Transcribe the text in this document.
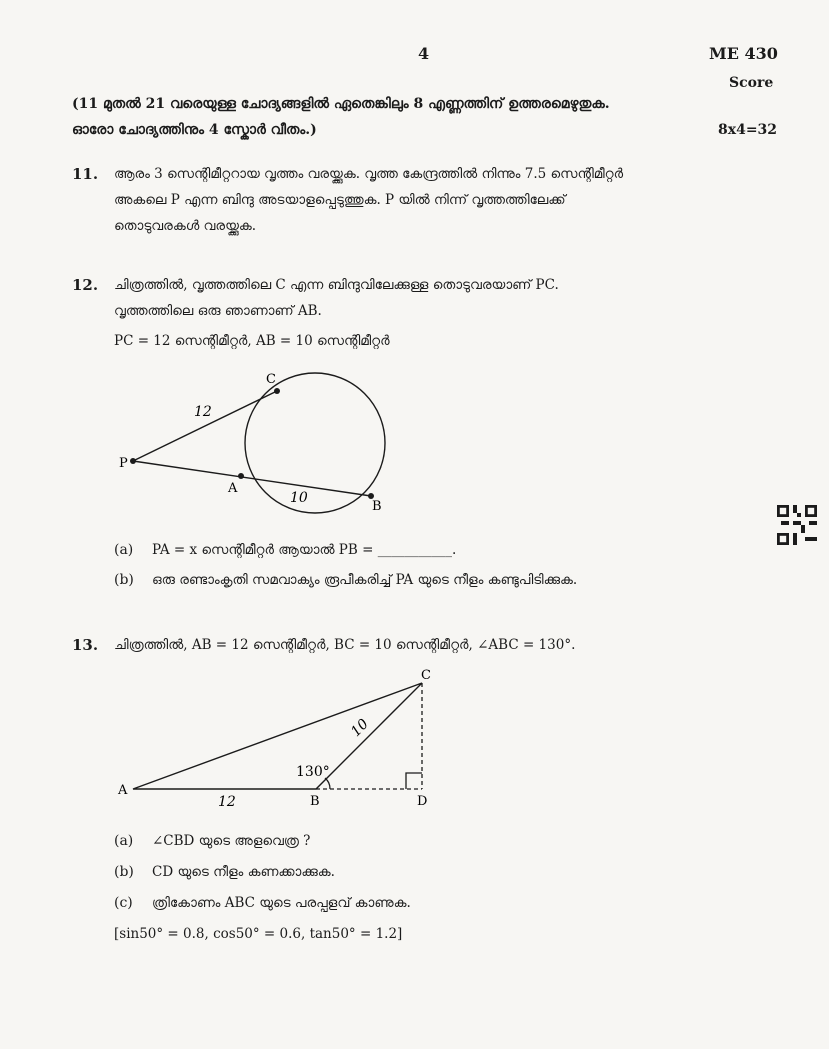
4	ME 430
Score
(11 മുതൽ 21 വരെയുള്ള ചോദ്യങ്ങളിൽ ഏതെങ്കിലും 8 എണ്ണത്തിന് ഉത്തരമെഴുതുക.
ഓരോ ചോദ്യത്തിനും 4 സ്കോർ വീതം.)	8x4=32
11. ആരം 3 സെന്റിമീറ്ററായ വൃത്തം വരയ്ക്കുക. വൃത്ത കേന്ദ്രത്തിൽ നിന്നും 7.5 സെന്റിമീറ്റർ
അകലെ P എന്ന ബിന്ദു അടയാളപ്പെടുത്തുക. P യിൽ നിന്ന് വൃത്തത്തിലേക്ക്
തൊടുവരകൾ വരയ്ക്കുക.
12. ചിത്രത്തിൽ, വൃത്തത്തിലെ C എന്ന ബിന്ദുവിലേക്കുള്ള തൊടുവരയാണ് PC.
വൃത്തത്തിലെ ഒരു ഞാണാണ് AB.
PC = 12 സെന്റിമീറ്റർ, AB = 10 സെന്റിമീറ്റർ
P
C
A
B
12
10
(a) PA = x സെന്റിമീറ്റർ ആയാൽ PB = ___________.
(b) ഒരു രണ്ടാംകൃതി സമവാക്യം രൂപീകരിച്ച് PA യുടെ നീളം കണ്ടുപിടിക്കുക.
13. ചിത്രത്തിൽ, AB = 12 സെന്റിമീറ്റർ, BC = 10 സെന്റിമീറ്റർ, ∠ABC = 130°.
A
B
C
D
12
10
130°
(a) ∠CBD യുടെ അളവെത്ര ?
(b) CD യുടെ നീളം കണക്കാക്കുക.
(c) ത്രികോണം ABC യുടെ പരപ്പളവ് കാണുക.
[sin50° = 0.8, cos50° = 0.6, tan50° = 1.2]
